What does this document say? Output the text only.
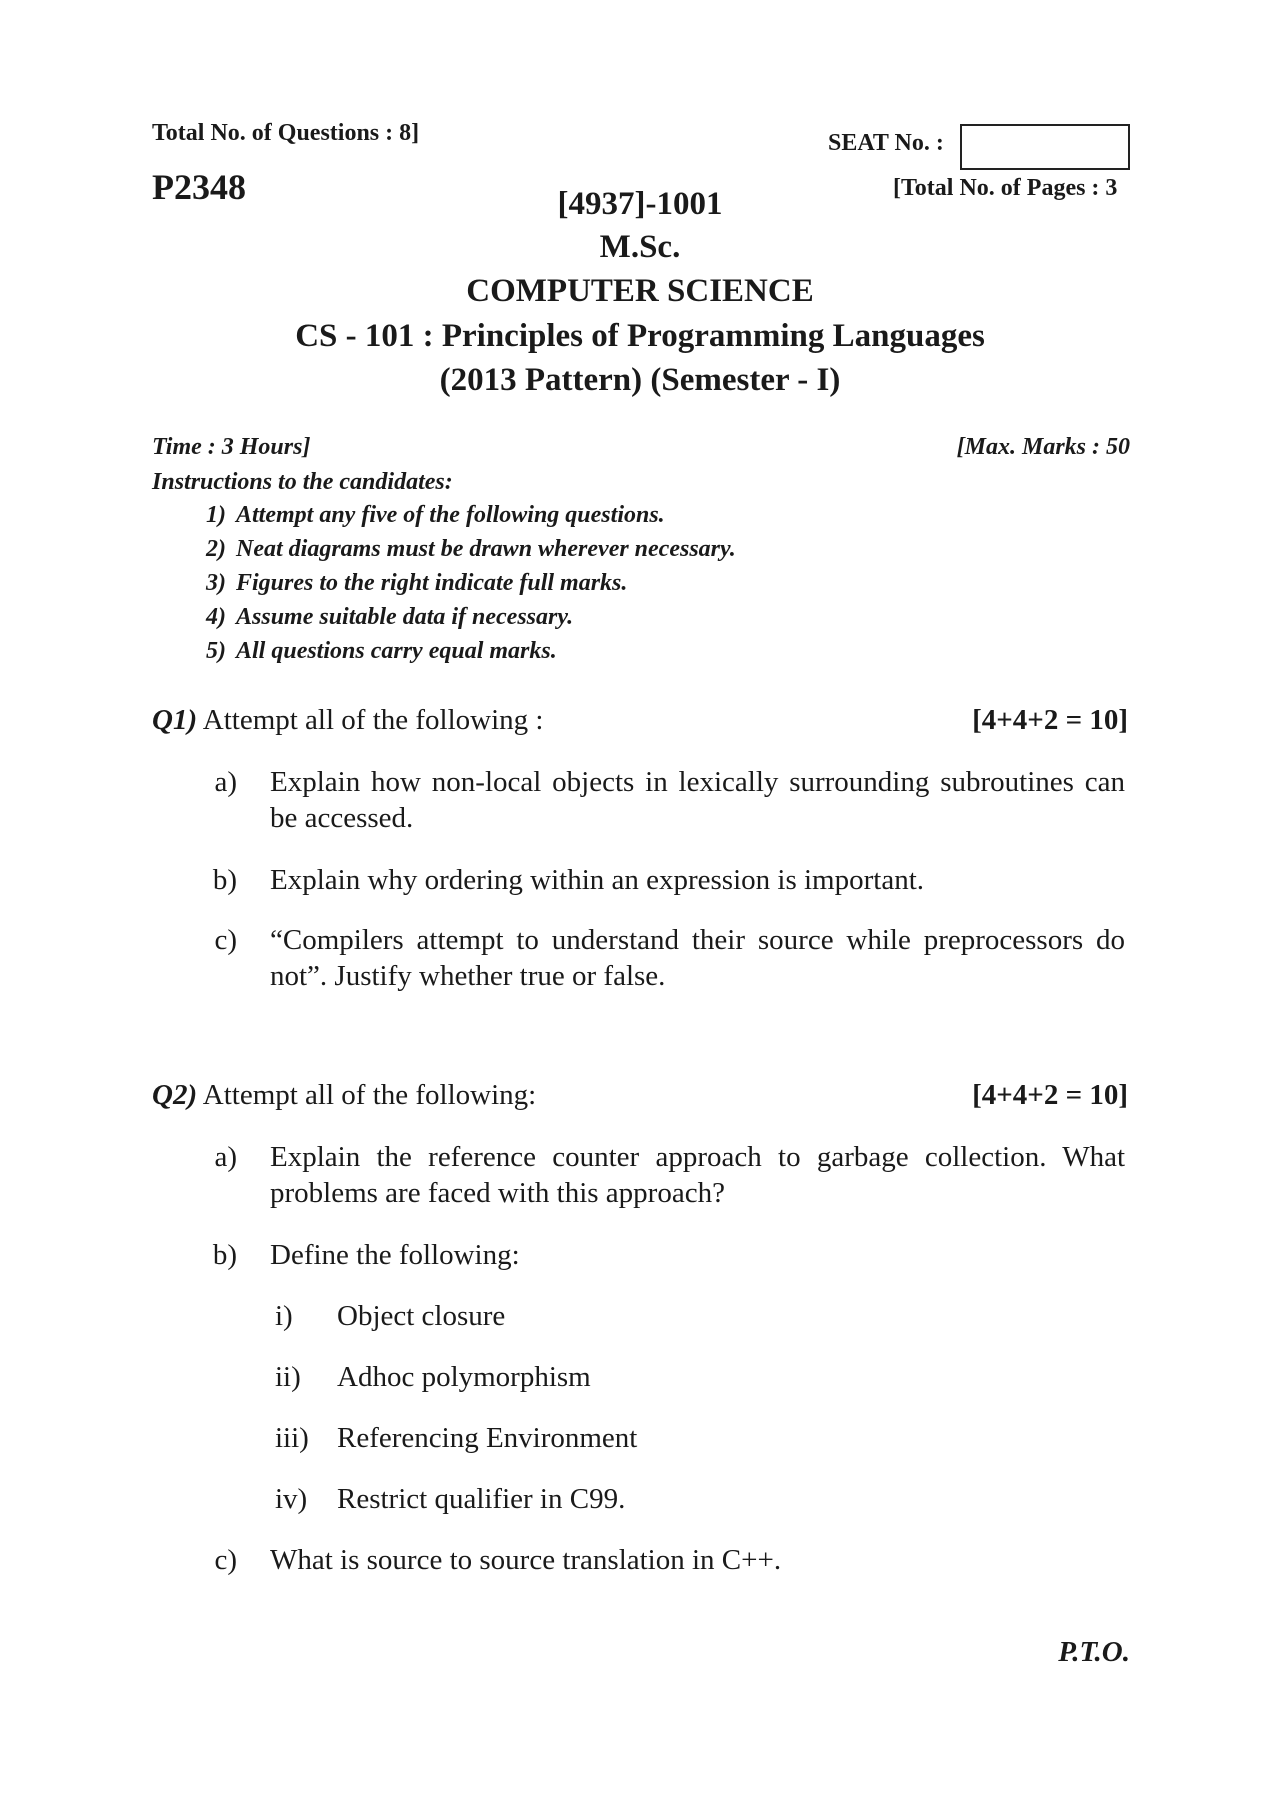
Total No. of Questions : 8]	SEAT No. :
P2348	[Total No. of Pages : 3
[4937]-1001
M.Sc.
COMPUTER SCIENCE
CS - 101 : Principles of Programming Languages
(2013 Pattern) (Semester - I)
Time : 3 Hours]	[Max. Marks : 50
Instructions to the candidates:
1) Attempt any five of the following questions.
2) Neat diagrams must be drawn wherever necessary.
3) Figures to the right indicate full marks.
4) Assume suitable data if necessary.
5) All questions carry equal marks.
Q1) Attempt all of the following :	[4+4+2 = 10]
a) Explain how non-local objects in lexically surrounding subroutines can be accessed.
b) Explain why ordering within an expression is important.
c) “Compilers attempt to understand their source while preprocessors do not”. Justify whether true or false.
Q2) Attempt all of the following:	[4+4+2 = 10]
a) Explain the reference counter approach to garbage collection. What problems are faced with this approach?
b) Define the following:
i) Object closure
ii) Adhoc polymorphism
iii) Referencing Environment
iv) Restrict qualifier in C99.
c) What is source to source translation in C++.
P.T.O.
